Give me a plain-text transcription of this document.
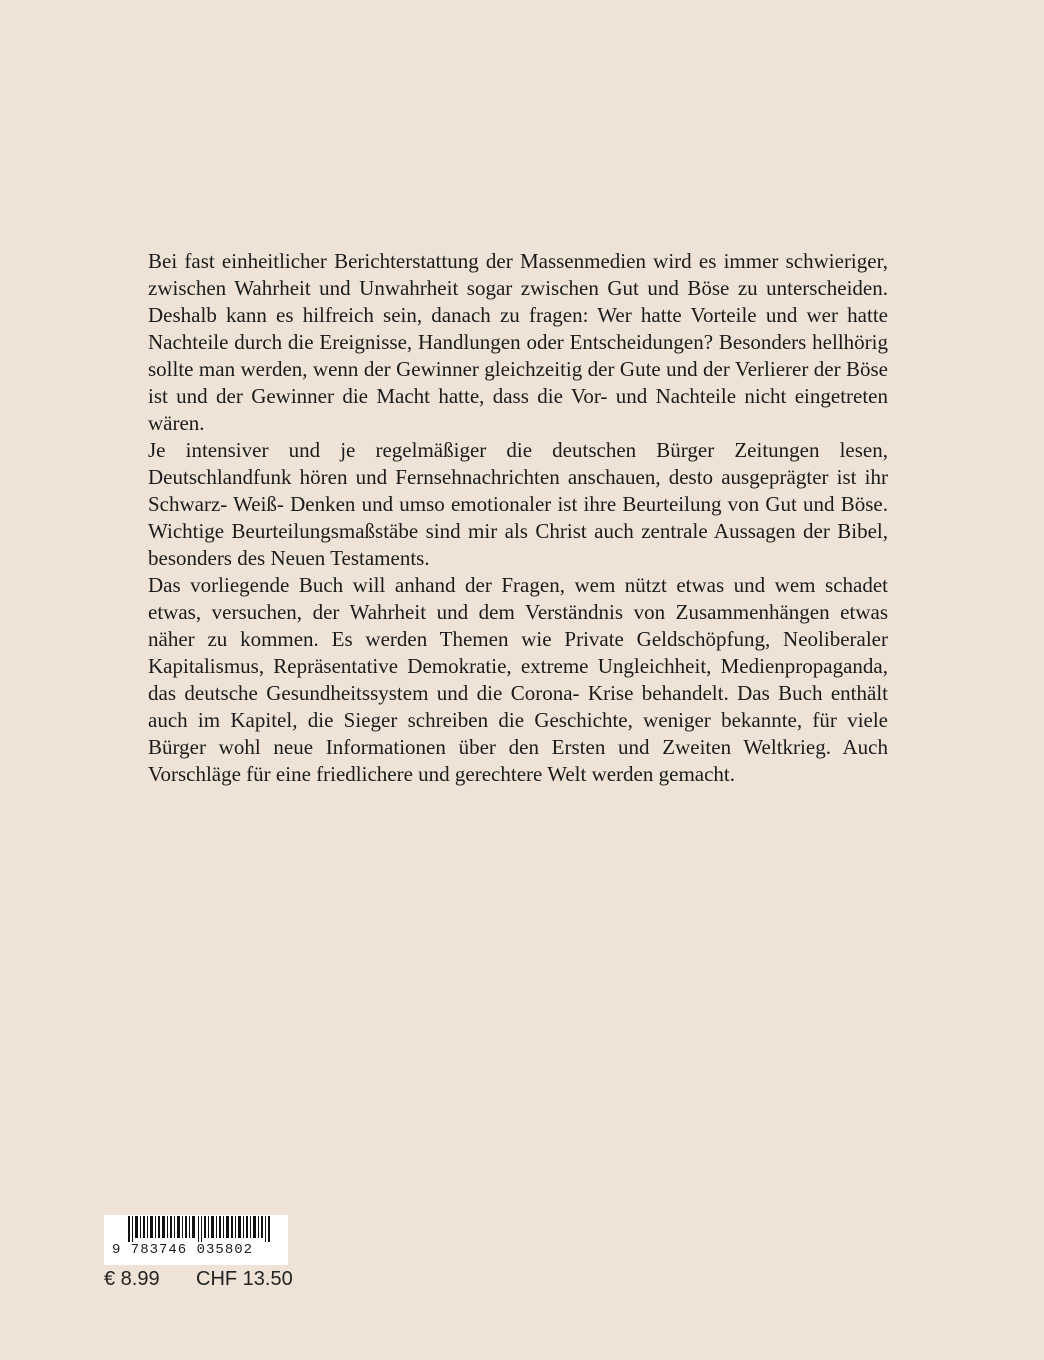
Bei fast einheitlicher Berichterstattung der Massenmedien wird es immer schwieriger, zwischen Wahrheit und Unwahrheit sogar zwischen Gut und Böse zu unterscheiden. Deshalb kann es hilfreich sein, danach zu fragen: Wer hatte Vorteile und wer hatte Nachteile durch die Ereignisse, Handlungen oder Entscheidungen? Besonders hellhörig sollte man werden, wenn der Gewinner gleichzeitig der Gute und der Verlierer der Böse ist und der Gewinner die Macht hatte, dass die Vor- und Nachteile nicht eingetreten wären.

Je intensiver und je regelmäßiger die deutschen Bürger Zeitungen lesen, Deutschlandfunk hören und Fernsehnachrichten anschauen, desto ausgeprägter ist ihr Schwarz- Weiß- Denken und umso emotionaler ist ihre Beurteilung von Gut und Böse. Wichtige Beurteilungsmaßstäbe sind mir als Christ auch zentrale Aussagen der Bibel, besonders des Neuen Testaments.

Das vorliegende Buch will anhand der Fragen, wem nützt etwas und wem schadet etwas, versuchen, der Wahrheit und dem Verständnis von Zusammenhängen etwas näher zu kommen. Es werden Themen wie Private Geldschöpfung, Neoliberaler Kapitalismus, Repräsentative Demokratie, extreme Ungleichheit, Medienpropaganda, das deutsche Gesundheitssystem und die Corona- Krise behandelt. Das Buch enthält auch im Kapitel, die Sieger schreiben die Geschichte, weniger bekannte, für viele Bürger wohl neue Informationen über den Ersten und Zweiten Weltkrieg. Auch Vorschläge für eine friedlichere und gerechtere Welt werden gemacht.

9 783746 035802
€ 8.99 CHF 13.50
